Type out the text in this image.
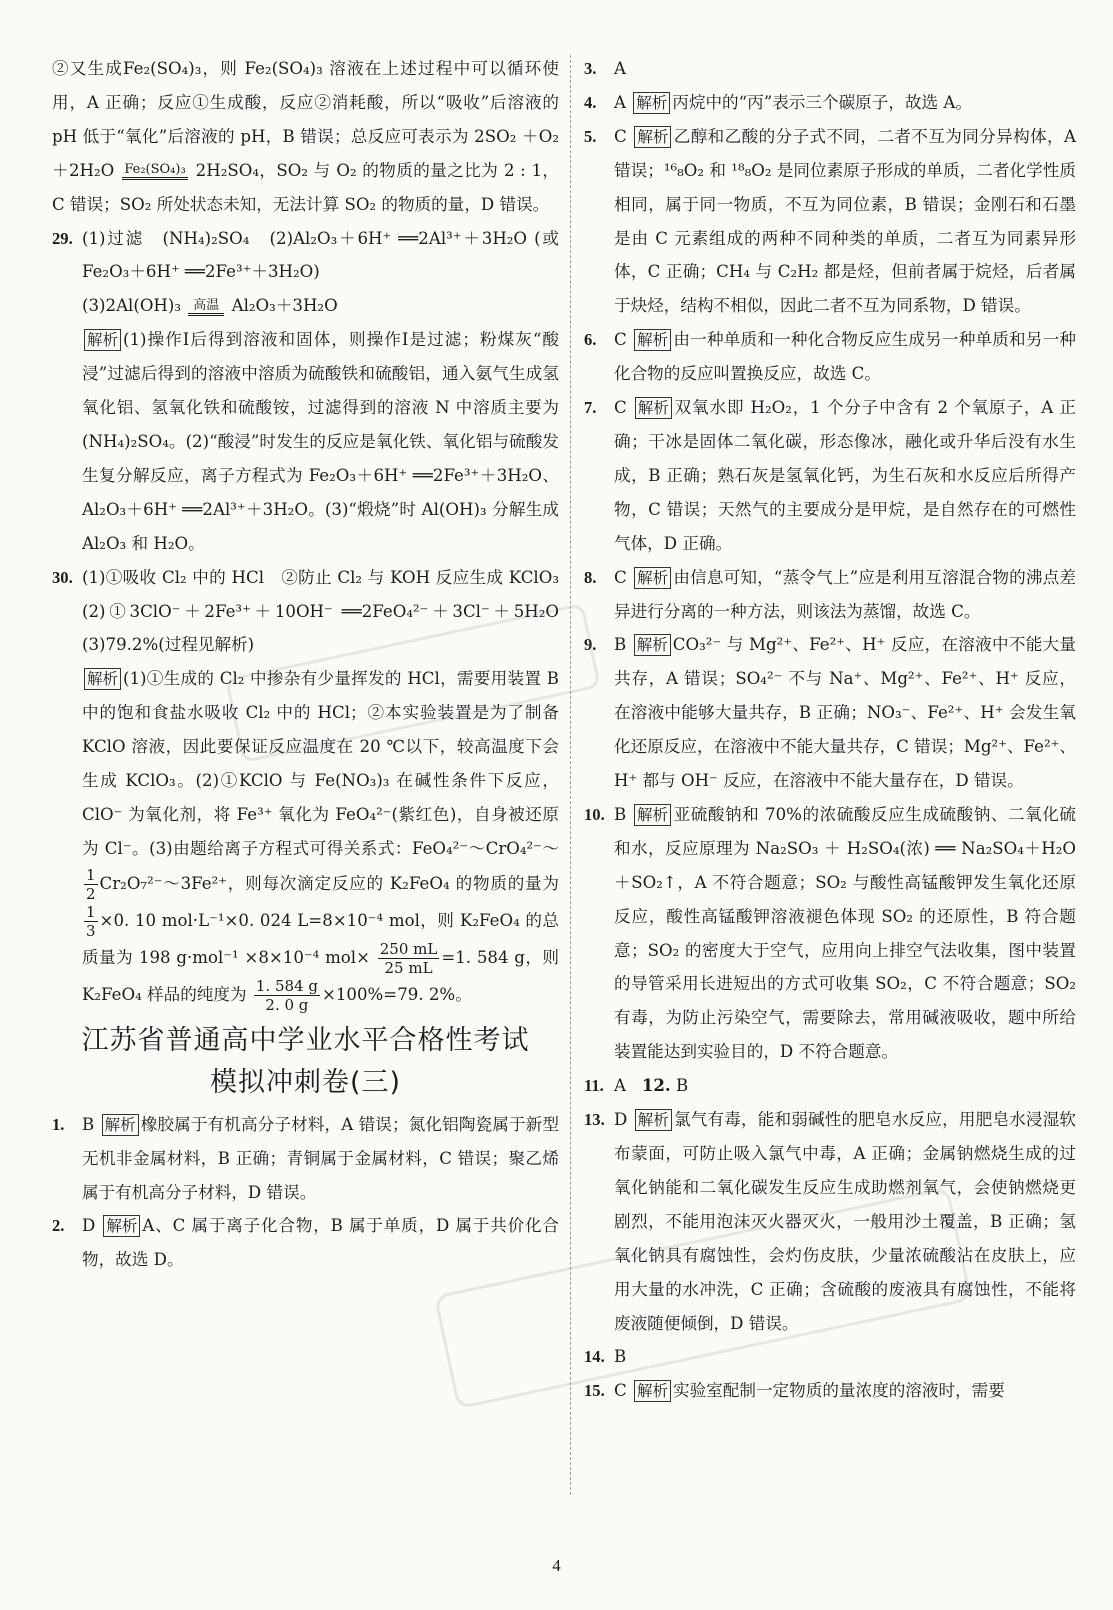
②又生成Fe₂(SO₄)₃，则 Fe₂(SO₄)₃ 溶液在上述过程中可以循环使用，A 正确；反应①生成酸，反应②消耗酸，所以“吸收”后溶液的 pH 低于“氧化”后溶液的 pH，B 错误；总反应可表示为 2SO₂ ＋O₂ ＋2H₂O Fe₂(SO₄)₃ 2H₂SO₄，SO₂ 与 O₂ 的物质的量之比为 2 : 1，C 错误；SO₂ 所处状态未知，无法计算 SO₂ 的物质的量，D 错误。

29. (1)过滤　(NH₄)₂SO₄　(2)Al₂O₃＋6H⁺ ══2Al³⁺＋3H₂O (或 Fe₂O₃＋6H⁺ ══2Fe³⁺＋3H₂O)
(3)2Al(OH)₃ 高温 Al₂O₃＋3H₂O
解析 (1)操作Ⅰ后得到溶液和固体，则操作Ⅰ是过滤；粉煤灰“酸浸”过滤后得到的溶液中溶质为硫酸铁和硫酸铝，通入氨气生成氢氧化铝、氢氧化铁和硫酸铵，过滤得到的溶液 N 中溶质主要为(NH₄)₂SO₄。(2)“酸浸”时发生的反应是氧化铁、氧化铝与硫酸发生复分解反应，离子方程式为 Fe₂O₃＋6H⁺ ══2Fe³⁺＋3H₂O、Al₂O₃＋6H⁺ ══2Al³⁺＋3H₂O。(3)“煅烧”时 Al(OH)₃ 分解生成 Al₂O₃ 和 H₂O。
30. (1)①吸收 Cl₂ 中的 HCl　②防止 Cl₂ 与 KOH 反应生成 KClO₃　(2)①3ClO⁻＋2Fe³⁺＋10OH⁻ ══2FeO₄²⁻＋3Cl⁻＋5H₂O　(3)79.2%(过程见解析)
解析 (1)①生成的 Cl₂ 中掺杂有少量挥发的 HCl，需要用装置 B 中的饱和食盐水吸收 Cl₂ 中的 HCl；②本实验装置是为了制备 KClO 溶液，因此要保证反应温度在 20 ℃以下，较高温度下会生成 KClO₃。(2)①KClO 与 Fe(NO₃)₃ 在碱性条件下反应，ClO⁻ 为氧化剂，将 Fe³⁺ 氧化为 FeO₄²⁻(紫红色)，自身被还原为 Cl⁻。(3)由题给离子方程式可得关系式：FeO₄²⁻～CrO₄²⁻～
$\frac{1}{2}$ Cr₂O₇²⁻～3Fe²⁺，则每次滴定反应的 K₂FeO₄ 的物质的量为
$\frac{1}{3} \times 0$. 10 mol·L⁻¹×0. 024 L=8×10⁻⁴ mol，则 K₂FeO₄ 的总质量为 198 g·mol⁻¹ ×8×10⁻⁴ $mol\times \frac{250 mL}{25 mL} =1$. 584 g，则 K₂FeO₄ 样品的纯度为 $\frac{1. 584 g}{2. 0 g} \times 100\%=79$. 2%。
江苏省普通高中学业水平合格性考试
模拟冲刺卷(三)
1. B 解析 橡胶属于有机高分子材料，A 错误；氮化铝陶瓷属于新型无机非金属材料，B 正确；青铜属于金属材料，C 错误；聚乙烯属于有机高分子材料，D 错误。
2. D 解析 A、C 属于离子化合物，B 属于单质，D 属于共价化合物，故选 D。
3. A
4. A 解析 丙烷中的“丙”表示三个碳原子，故选 A。
5. C 解析 乙醇和乙酸的分子式不同，二者不互为同分异构体，A 错误；¹⁶₈O₂ 和 ¹⁸₈O₂ 是同位素原子形成的单质，二者化学性质相同，属于同一物质，不互为同位素，B 错误；金刚石和石墨是由 C 元素组成的两种不同种类的单质，二者互为同素异形体，C 正确；CH₄ 与 C₂H₂ 都是烃，但前者属于烷烃，后者属于炔烃，结构不相似，因此二者不互为同系物，D 错误。
6. C 解析 由一种单质和一种化合物反应生成另一种单质和另一种化合物的反应叫置换反应，故选 C。
7. C 解析 双氧水即 H₂O₂，1 个分子中含有 2 个氧原子，A 正确；干冰是固体二氧化碳，形态像冰，融化或升华后没有水生成，B 正确；熟石灰是氢氧化钙，为生石灰和水反应后所得产物，C 错误；天然气的主要成分是甲烷，是自然存在的可燃性气体，D 正确。
8. C 解析 由信息可知，“蒸令气上”应是利用互溶混合物的沸点差异进行分离的一种方法，则该法为蒸馏，故选 C。
9. B 解析 CO₃²⁻ 与 Mg²⁺、Fe²⁺、H⁺ 反应，在溶液中不能大量共存，A 错误；SO₄²⁻ 不与 Na⁺、Mg²⁺、Fe²⁺、H⁺ 反应，在溶液中能够大量共存，B 正确；NO₃⁻、Fe²⁺、H⁺ 会发生氧化还原反应，在溶液中不能大量共存，C 错误；Mg²⁺、Fe²⁺、H⁺ 都与 OH⁻ 反应，在溶液中不能大量存在，D 错误。
10. B 解析 亚硫酸钠和 70%的浓硫酸反应生成硫酸钠、二氧化硫和水，反应原理为 Na₂SO₃ ＋ H₂SO₄(浓) ══ Na₂SO₄＋H₂O＋SO₂↑，A 不符合题意；SO₂ 与酸性高锰酸钾发生氧化还原反应，酸性高锰酸钾溶液褪色体现 SO₂ 的还原性，B 符合题意；SO₂ 的密度大于空气，应用向上排空气法收集，图中装置的导管采用长进短出的方式可收集 SO₂，C 不符合题意；SO₂ 有毒，为防止污染空气，需要除去，常用碱液吸收，题中所给装置能达到实验目的，D 不符合题意。
11. A 12. B
13. D 解析 氯气有毒，能和弱碱性的肥皂水反应，用肥皂水浸湿软布蒙面，可防止吸入氯气中毒，A 正确；金属钠燃烧生成的过氧化钠能和二氧化碳发生反应生成助燃剂氧气，会使钠燃烧更剧烈，不能用泡沫灭火器灭火，一般用沙土覆盖，B 正确；氢氧化钠具有腐蚀性，会灼伤皮肤，少量浓硫酸沾在皮肤上，应用大量的水冲洗，C 正确；含硫酸的废液具有腐蚀性，不能将废液随便倾倒，D 错误。
14. B
15. C 解析 实验室配制一定物质的量浓度的溶液时，需要
4
